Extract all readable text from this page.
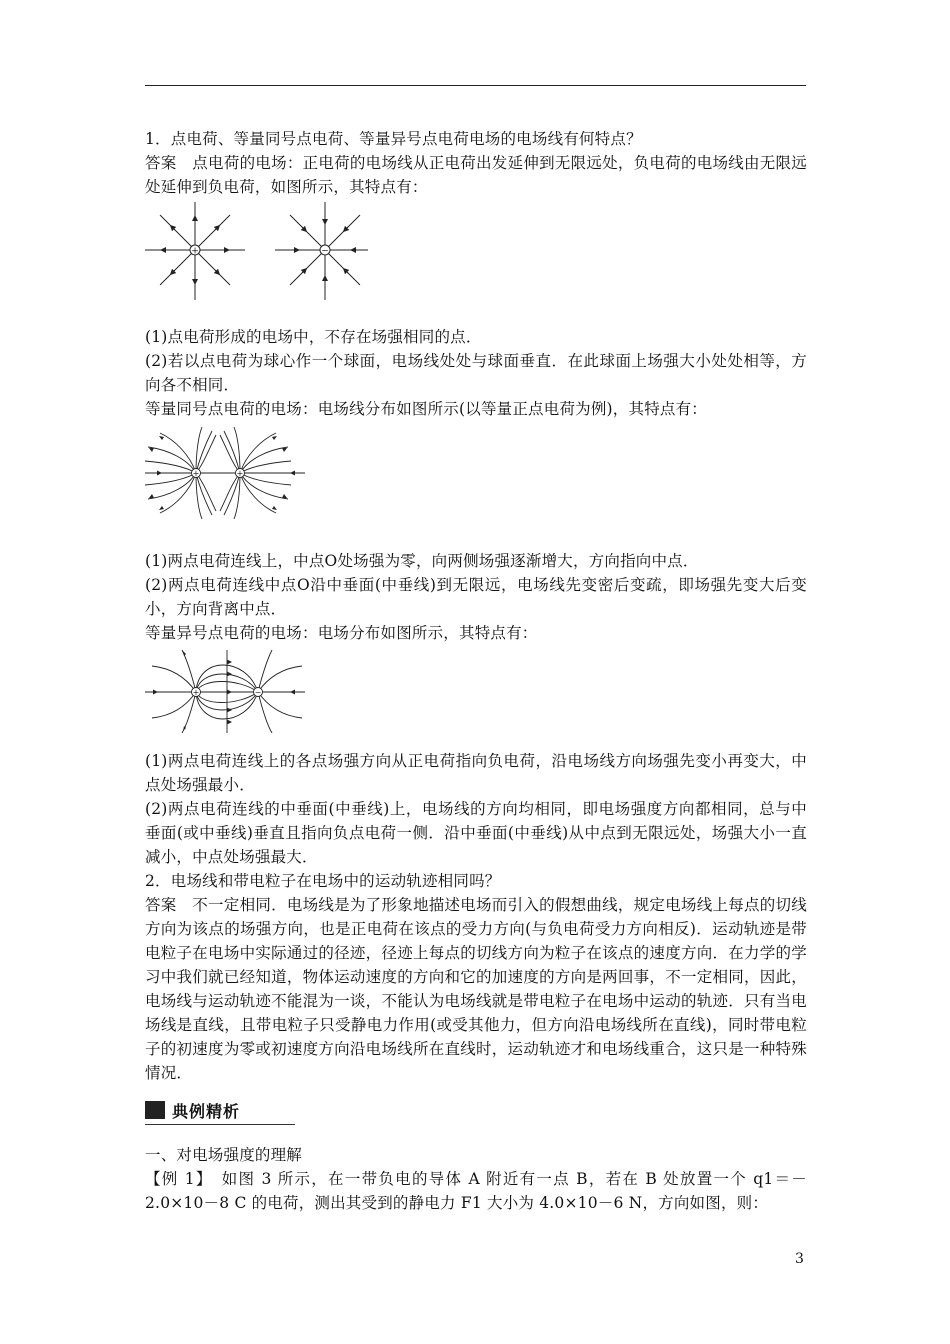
1．点电荷、等量同号点电荷、等量异号点电荷电场的电场线有何特点？
答案　点电荷的电场：正电荷的电场线从正电荷出发延伸到无限远处，负电荷的电场线由无限远处延伸到负电荷，如图所示，其特点有：
+	−
(1)点电荷形成的电场中，不存在场强相同的点．
(2)若以点电荷为球心作一个球面，电场线处处与球面垂直．在此球面上场强大小处处相等，方向各不相同．
等量同号点电荷的电场：电场线分布如图所示(以等量正点电荷为例)，其特点有：
+	+
(1)两点电荷连线上，中点O处场强为零，向两侧场强逐渐增大，方向指向中点．
(2)两点电荷连线中点O沿中垂面(中垂线)到无限远，电场线先变密后变疏，即场强先变大后变小，方向背离中点．
等量异号点电荷的电场：电场分布如图所示，其特点有：
+	−
(1)两点电荷连线上的各点场强方向从正电荷指向负电荷，沿电场线方向场强先变小再变大，中点处场强最小．
(2)两点电荷连线的中垂面(中垂线)上，电场线的方向均相同，即电场强度方向都相同，总与中垂面(或中垂线)垂直且指向负点电荷一侧．沿中垂面(中垂线)从中点到无限远处，场强大小一直减小，中点处场强最大．
2．电场线和带电粒子在电场中的运动轨迹相同吗？
答案　不一定相同．电场线是为了形象地描述电场而引入的假想曲线，规定电场线上每点的切线方向为该点的场强方向，也是正电荷在该点的受力方向(与负电荷受力方向相反)．运动轨迹是带电粒子在电场中实际通过的径迹，径迹上每点的切线方向为粒子在该点的速度方向．在力学的学习中我们就已经知道，物体运动速度的方向和它的加速度的方向是两回事，不一定相同，因此，电场线与运动轨迹不能混为一谈，不能认为电场线就是带电粒子在电场中运动的轨迹．只有当电场线是直线，且带电粒子只受静电力作用(或受其他力，但方向沿电场线所在直线)，同时带电粒子的初速度为零或初速度方向沿电场线所在直线时，运动轨迹才和电场线重合，这只是一种特殊情况．
典例精析
一、对电场强度的理解
【例 1】　如图 3 所示，在一带负电的导体 A 附近有一点 B，若在 B 处放置一个 q1＝－2.0×10－8 C 的电荷，测出其受到的静电力 F1 大小为 4.0×10－6 N，方向如图，则：
3
